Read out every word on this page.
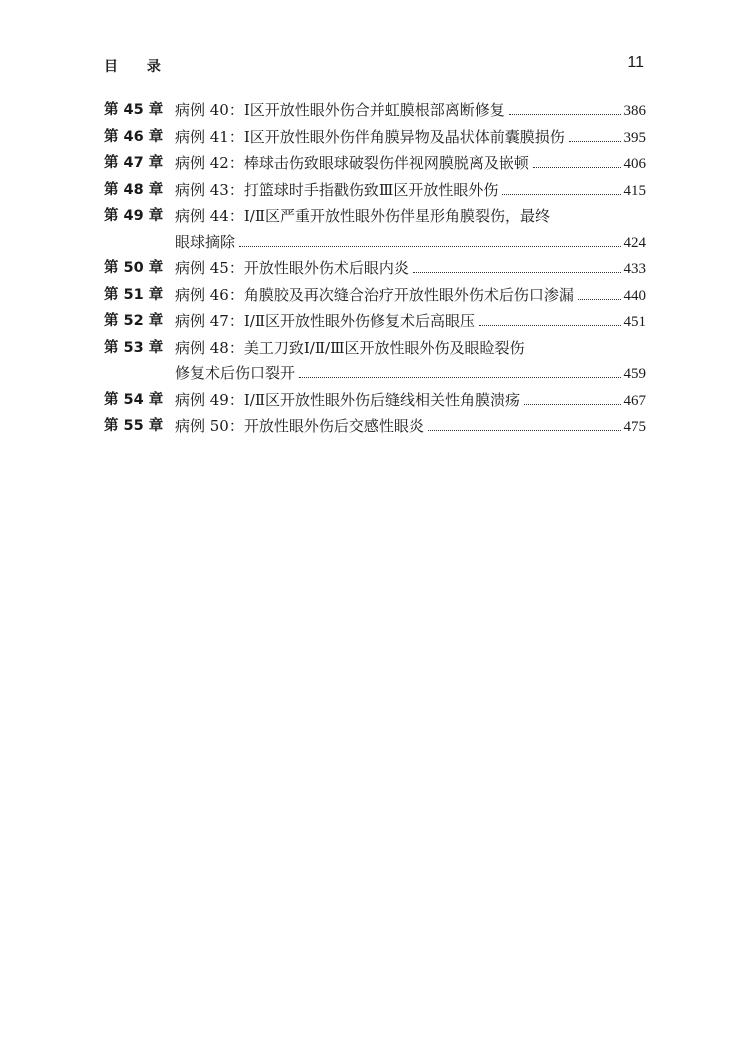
目 录	11
第 45 章 病例 40：Ⅰ区开放性眼外伤合并虹膜根部离断修复	386
第 46 章 病例 41：Ⅰ区开放性眼外伤伴角膜异物及晶状体前囊膜损伤	395
第 47 章 病例 42：棒球击伤致眼球破裂伤伴视网膜脱离及嵌顿	406
第 48 章 病例 43：打篮球时手指戳伤致Ⅲ区开放性眼外伤	415
第 49 章 病例 44：Ⅰ/Ⅱ区严重开放性眼外伤伴星形角膜裂伤，最终
眼球摘除	424
第 50 章 病例 45：开放性眼外伤术后眼内炎	433
第 51 章 病例 46：角膜胶及再次缝合治疗开放性眼外伤术后伤口渗漏	440
第 52 章 病例 47：Ⅰ/Ⅱ区开放性眼外伤修复术后高眼压	451
第 53 章 病例 48：美工刀致Ⅰ/Ⅱ/Ⅲ区开放性眼外伤及眼睑裂伤
修复术后伤口裂开	459
第 54 章 病例 49：Ⅰ/Ⅱ区开放性眼外伤后缝线相关性角膜溃疡	467
第 55 章 病例 50：开放性眼外伤后交感性眼炎	475
